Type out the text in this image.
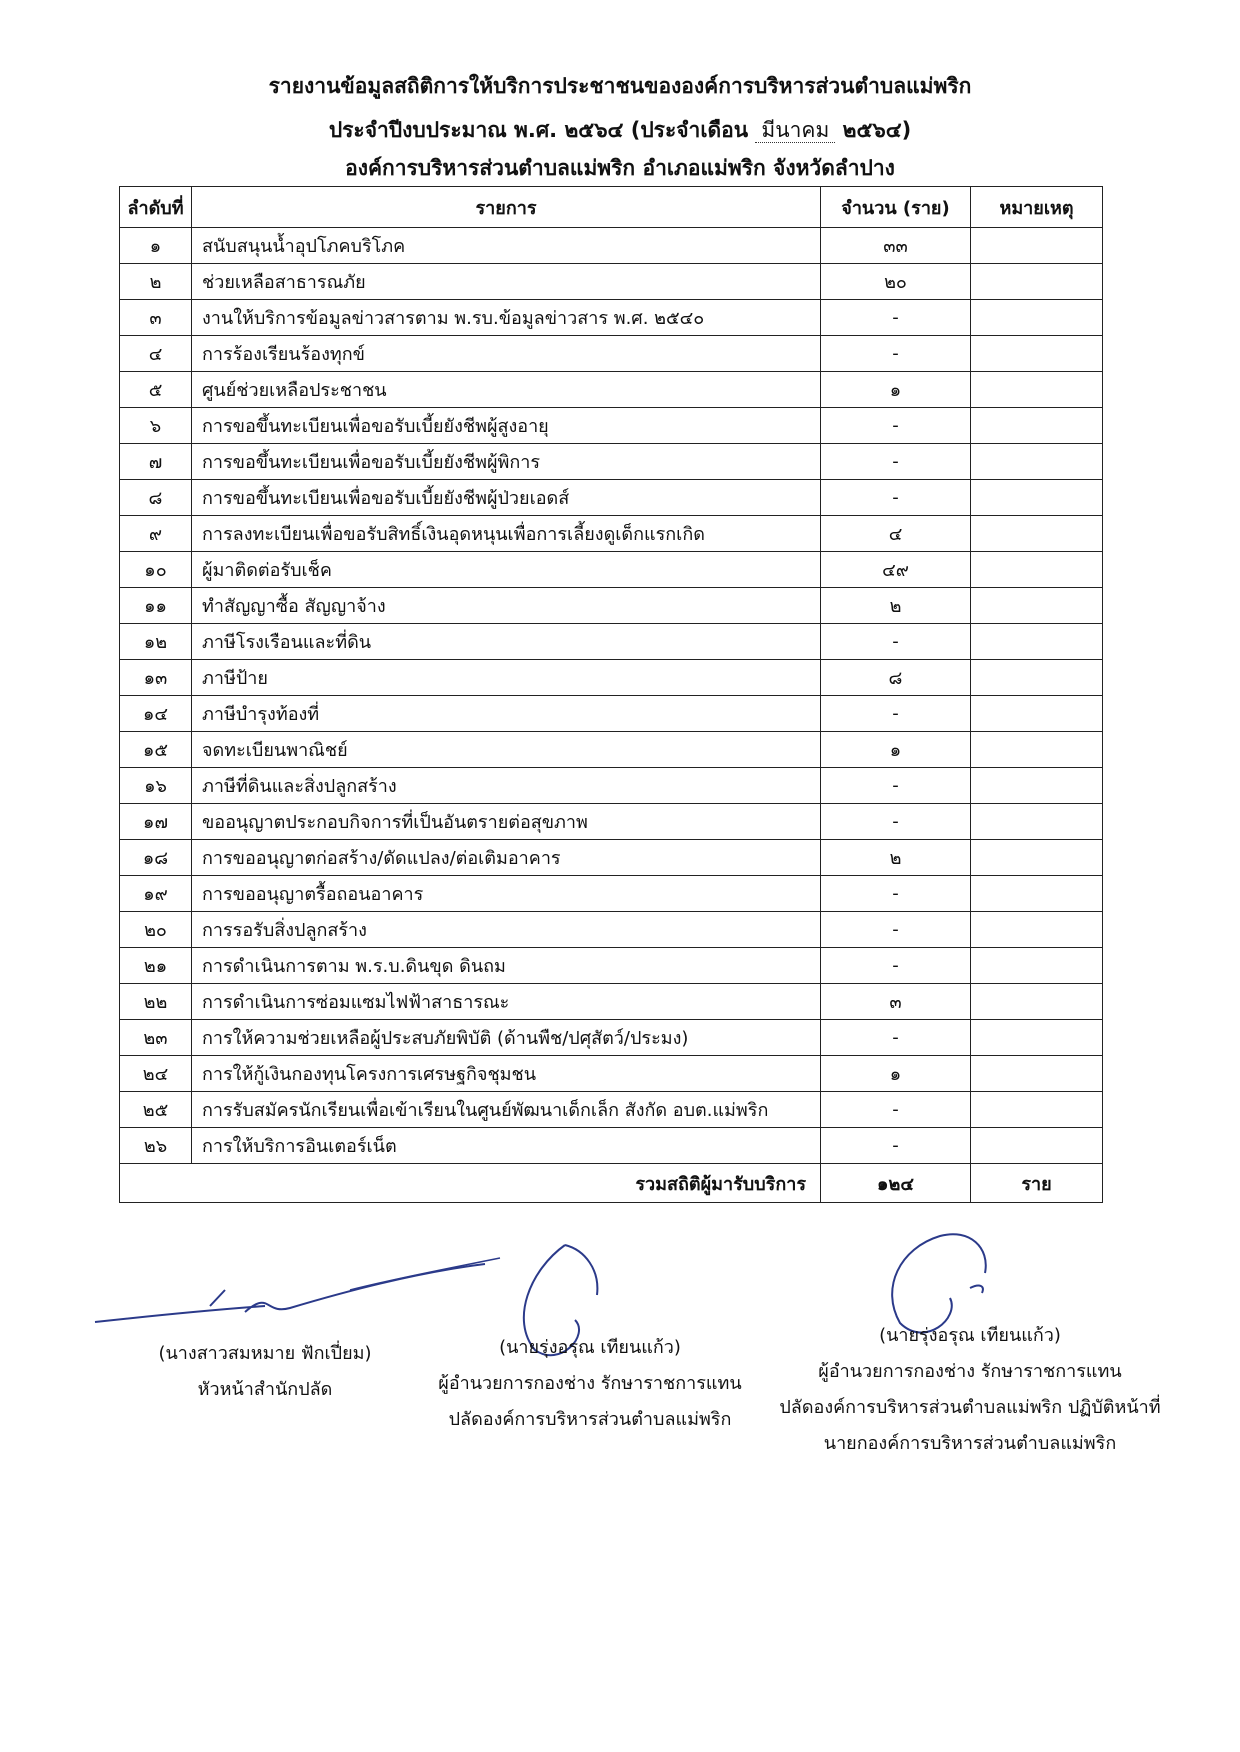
รายงานข้อมูลสถิติการให้บริการประชาชนขององค์การบริหารส่วนตำบลแม่พริก
ประจำปีงบประมาณ พ.ศ. ๒๕๖๔ (ประจำเดือน มีนาคม ๒๕๖๔)
องค์การบริหารส่วนตำบลแม่พริก อำเภอแม่พริก จังหวัดลำปาง
ลำดับที่	รายการ	จำนวน (ราย)	หมายเหตุ
๑	สนับสนุนน้ำอุปโภคบริโภค	๓๓	
๒	ช่วยเหลือสาธารณภัย	๒๐	
๓	งานให้บริการข้อมูลข่าวสารตาม พ.รบ.ข้อมูลข่าวสาร พ.ศ. ๒๕๔๐	-	
๔	การร้องเรียนร้องทุกข์	-	
๕	ศูนย์ช่วยเหลือประชาชน	๑	
๖	การขอขึ้นทะเบียนเพื่อขอรับเบี้ยยังชีพผู้สูงอายุ	-	
๗	การขอขึ้นทะเบียนเพื่อขอรับเบี้ยยังชีพผู้พิการ	-	
๘	การขอขึ้นทะเบียนเพื่อขอรับเบี้ยยังชีพผู้ป่วยเอดส์	-	
๙	การลงทะเบียนเพื่อขอรับสิทธิ์เงินอุดหนุนเพื่อการเลี้ยงดูเด็กแรกเกิด	๔	
๑๐	ผู้มาติดต่อรับเช็ค	๔๙	
๑๑	ทำสัญญาซื้อ สัญญาจ้าง	๒	
๑๒	ภาษีโรงเรือนและที่ดิน	-	
๑๓	ภาษีป้าย	๘	
๑๔	ภาษีบำรุงท้องที่	-	
๑๕	จดทะเบียนพาณิชย์	๑	
๑๖	ภาษีที่ดินและสิ่งปลูกสร้าง	-	
๑๗	ขออนุญาตประกอบกิจการที่เป็นอันตรายต่อสุขภาพ	-	
๑๘	การขออนุญาตก่อสร้าง/ดัดแปลง/ต่อเติมอาคาร	๒	
๑๙	การขออนุญาตรื้อถอนอาคาร	-	
๒๐	การรอรับสิ่งปลูกสร้าง	-	
๒๑	การดำเนินการตาม พ.ร.บ.ดินขุด ดินถม	-	
๒๒	การดำเนินการซ่อมแซมไฟฟ้าสาธารณะ	๓	
๒๓	การให้ความช่วยเหลือผู้ประสบภัยพิบัติ (ด้านพืช/ปศุสัตว์/ประมง)	-	
๒๔	การให้กู้เงินกองทุนโครงการเศรษฐกิจชุมชน	๑	
๒๕	การรับสมัครนักเรียนเพื่อเข้าเรียนในศูนย์พัฒนาเด็กเล็ก สังกัด อบต.แม่พริก	-	
๒๖	การให้บริการอินเตอร์เน็ต	-	
	รวมสถิติผู้มารับบริการ	๑๒๔	ราย
(นางสาวสมหมาย ฟักเปี่ยม)
หัวหน้าสำนักปลัด
(นายรุ่งอรุณ เทียนแก้ว)
ผู้อำนวยการกองช่าง รักษาราชการแทน
ปลัดองค์การบริหารส่วนตำบลแม่พริก
(นายรุ่งอรุณ เทียนแก้ว)
ผู้อำนวยการกองช่าง รักษาราชการแทน
ปลัดองค์การบริหารส่วนตำบลแม่พริก ปฏิบัติหน้าที่
นายกองค์การบริหารส่วนตำบลแม่พริก
